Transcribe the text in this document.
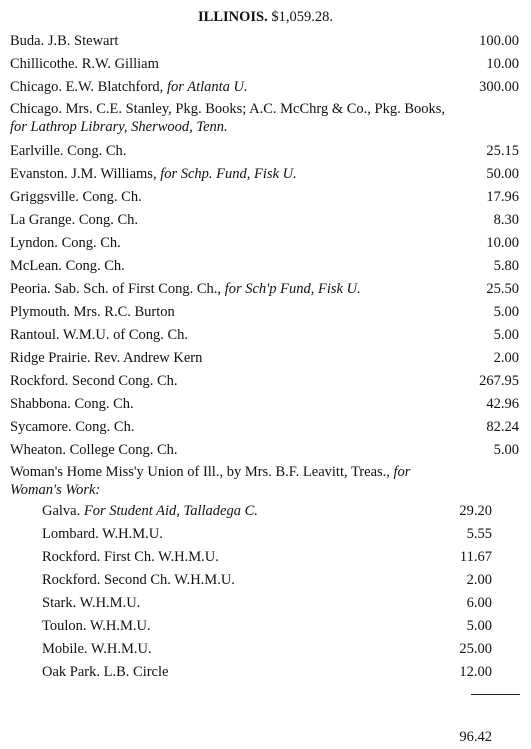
ILLINOIS. $1,059.28.
Buda. J.B. Stewart	100.00
Chillicothe. R.W. Gilliam	10.00
Chicago. E.W. Blatchford, for Atlanta U.	300.00
Chicago. Mrs. C.E. Stanley, Pkg. Books; A.C. McChrg & Co., Pkg. Books, for Lathrop Library, Sherwood, Tenn.
Earlville. Cong. Ch.	25.15
Evanston. J.M. Williams, for Schp. Fund, Fisk U.	50.00
Griggsville. Cong. Ch.	17.96
La Grange. Cong. Ch.	8.30
Lyndon. Cong. Ch.	10.00
McLean. Cong. Ch.	5.80
Peoria. Sab. Sch. of First Cong. Ch., for Sch'p Fund, Fisk U.	25.50
Plymouth. Mrs. R.C. Burton	5.00
Rantoul. W.M.U. of Cong. Ch.	5.00
Ridge Prairie. Rev. Andrew Kern	2.00
Rockford. Second Cong. Ch.	267.95
Shabbona. Cong. Ch.	42.96
Sycamore. Cong. Ch.	82.24
Wheaton. College Cong. Ch.	5.00
Woman's Home Miss'y Union of Ill., by Mrs. B.F. Leavitt, Treas., for Woman's Work:
Galva. For Student Aid, Talladega C.	29.20
Lombard. W.H.M.U.	5.55
Rockford. First Ch. W.H.M.U.	11.67
Rockford. Second Ch. W.H.M.U.	2.00
Stark. W.H.M.U.	6.00
Toulon. W.H.M.U.	5.00
Mobile. W.H.M.U.	25.00
Oak Park. L.B. Circle	12.00
96.42
